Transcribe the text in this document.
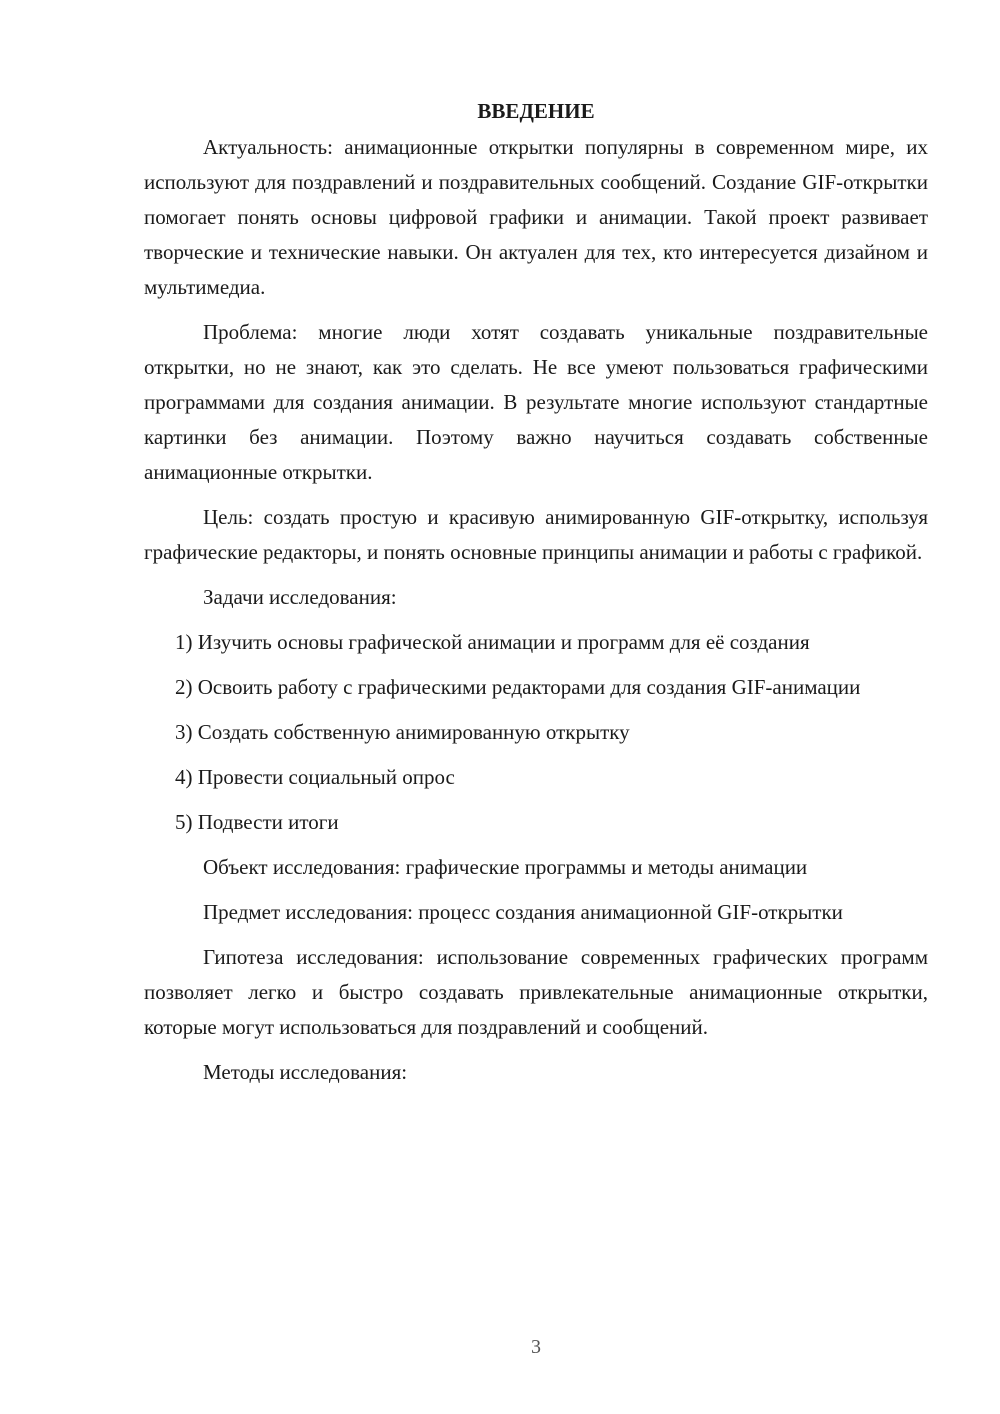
ВВЕДЕНИЕ

Актуальность: анимационные открытки популярны в современном мире, их используют для поздравлений и поздравительных сообщений. Создание GIF-открытки помогает понять основы цифровой графики и анимации. Такой проект развивает творческие и технические навыки. Он актуален для тех, кто интересуется дизайном и мультимедиа.

Проблема: многие люди хотят создавать уникальные поздравительные открытки, но не знают, как это сделать. Не все умеют пользоваться графическими программами для создания анимации. В результате многие используют стандартные картинки без анимации. Поэтому важно научиться создавать собственные анимационные открытки.

Цель: создать простую и красивую анимированную GIF-открытку, используя графические редакторы, и понять основные принципы анимации и работы с графикой.

Задачи исследования:

1) Изучить основы графической анимации и программ для её создания

2) Освоить работу с графическими редакторами для создания GIF-анимации

3) Создать собственную анимированную открытку

4) Провести социальный опрос

5) Подвести итоги

Объект исследования: графические программы и методы анимации

Предмет исследования: процесс создания анимационной GIF-открытки

Гипотеза исследования: использование современных графических программ позволяет легко и быстро создавать привлекательные анимационные открытки, которые могут использоваться для поздравлений и сообщений.

Методы исследования:

3
